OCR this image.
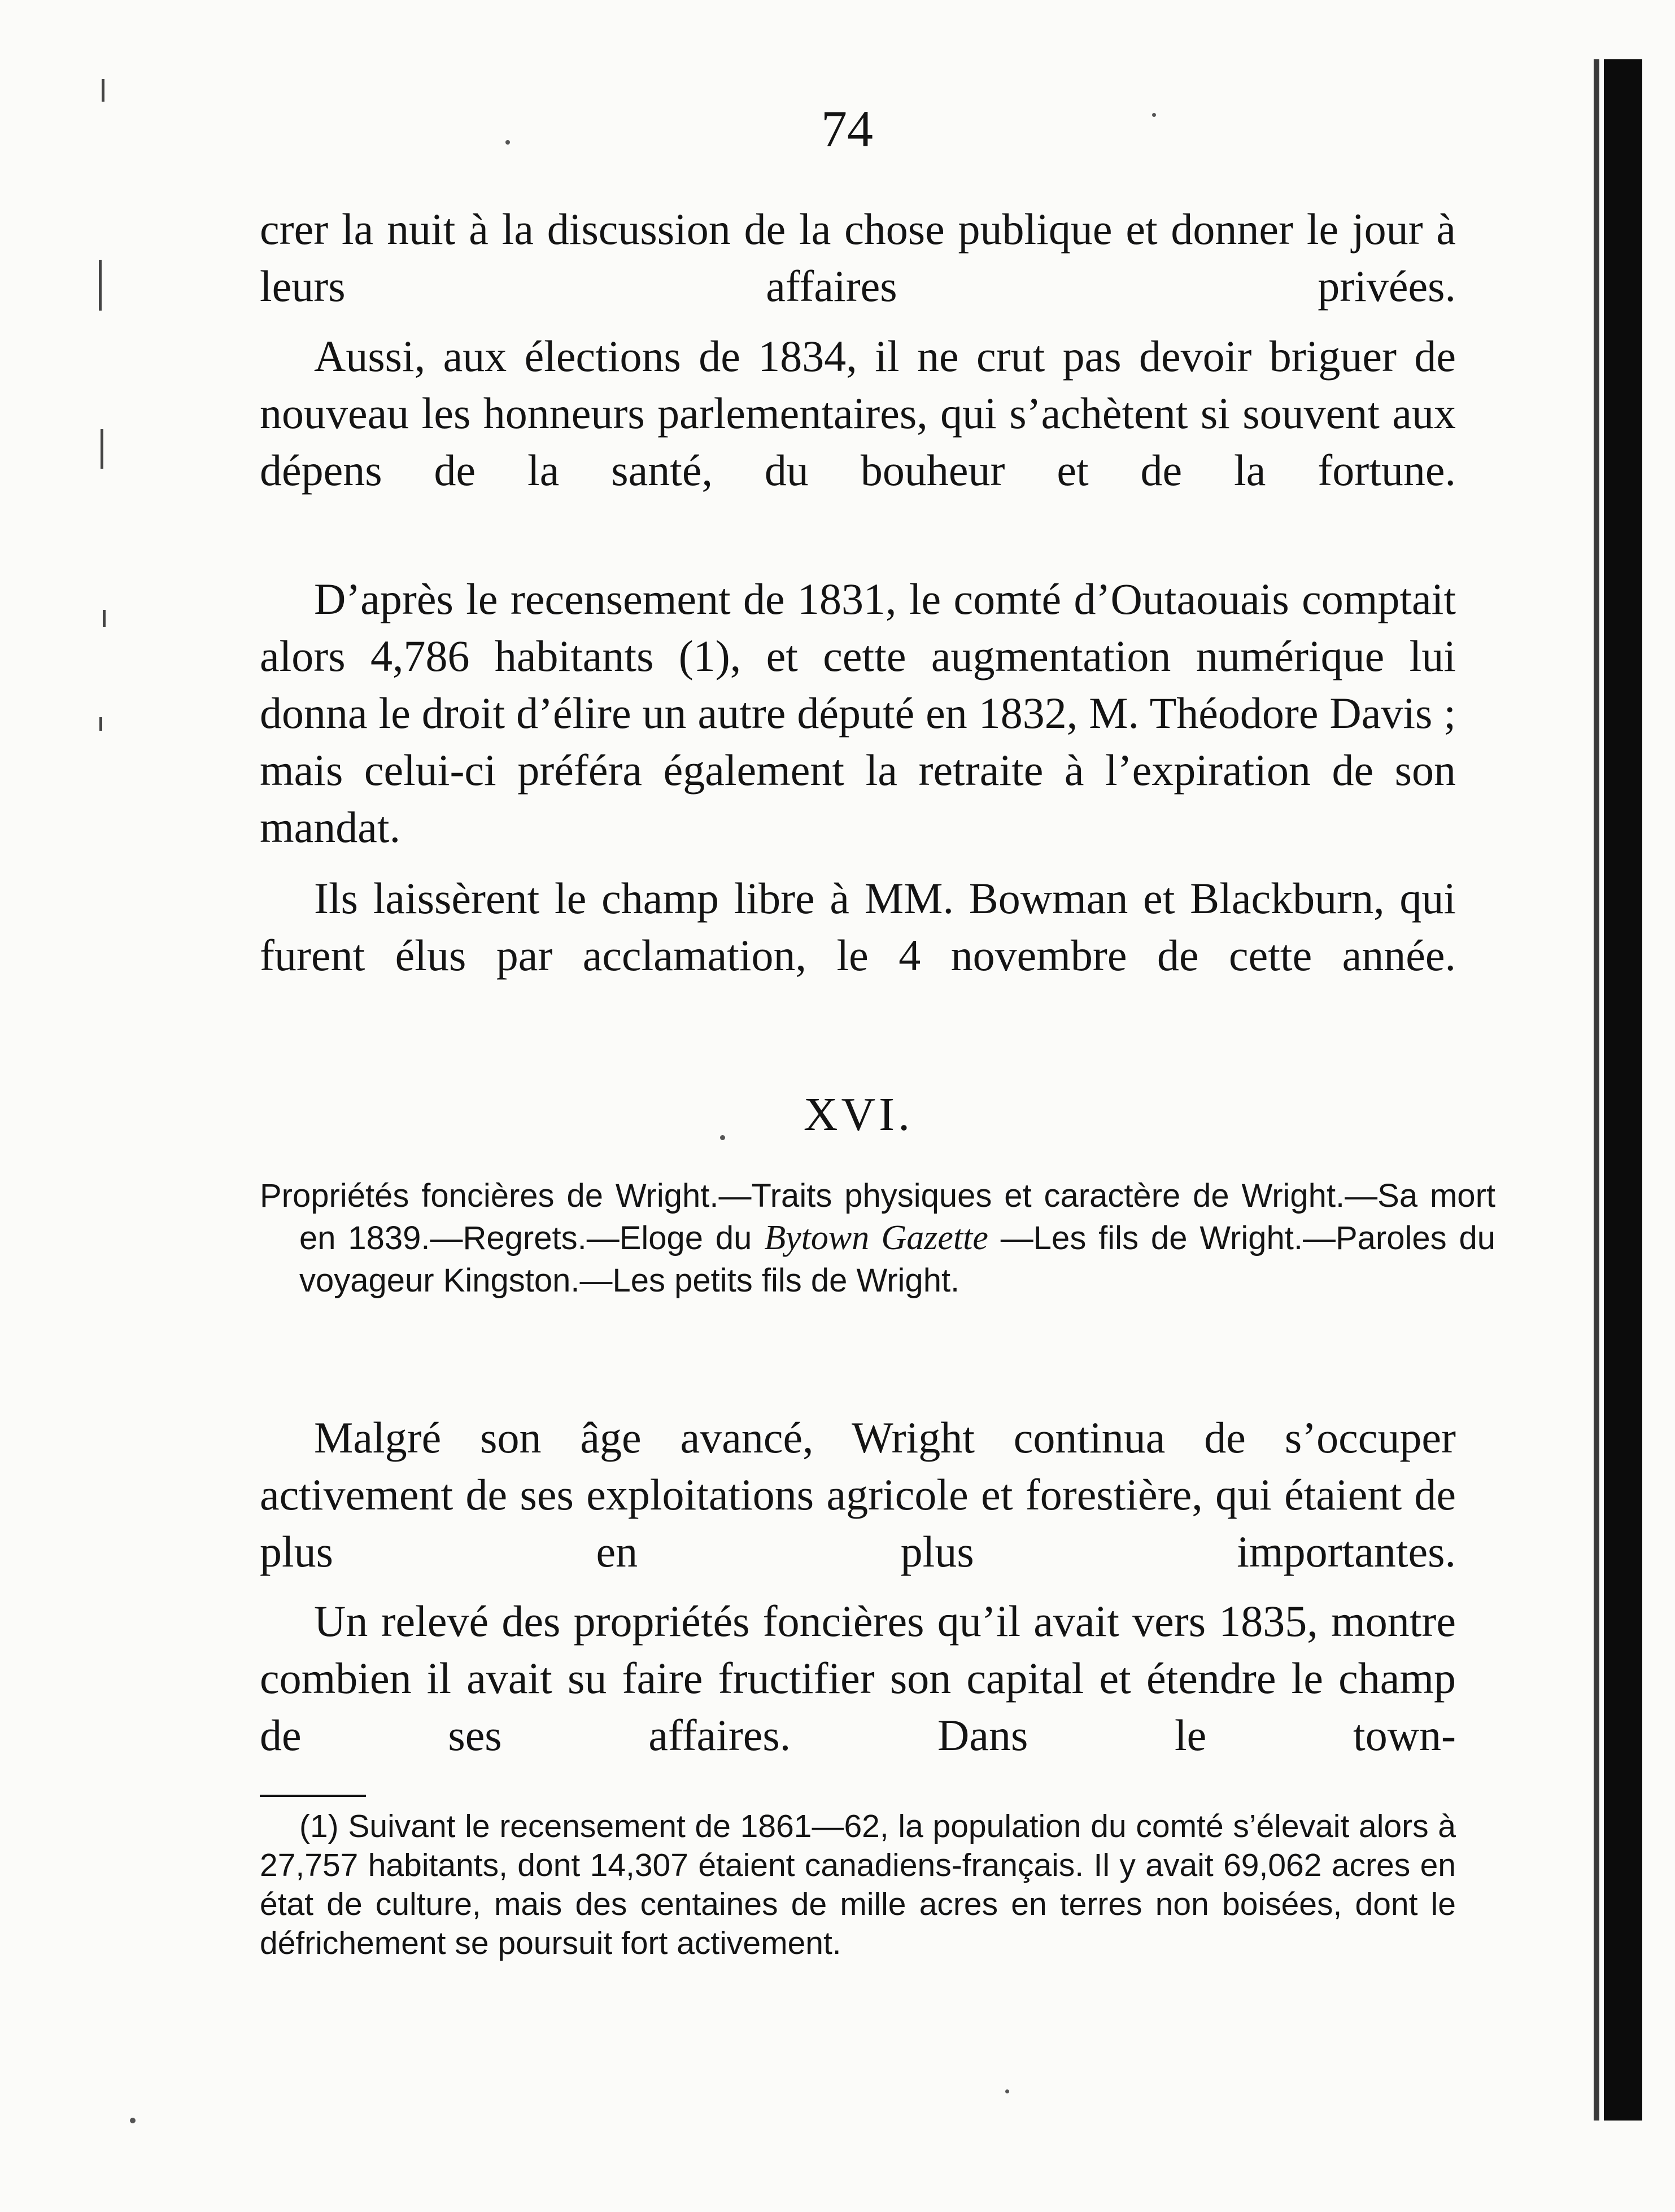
74

crer la nuit à la discussion de la chose publique et donner le jour à leurs affaires privées.

Aussi, aux élections de 1834, il ne crut pas devoir briguer de nouveau les honneurs parlementaires, qui s’achètent si souvent aux dépens de la santé, du bouheur et de la fortune.

D’après le recensement de 1831, le comté d’Outaouais comptait alors 4,786 habitants (1), et cette augmentation numérique lui donna le droit d’élire un autre député en 1832, M. Théodore Davis ; mais celui-ci préféra également la retraite à l’expiration de son mandat.

Ils laissèrent le champ libre à MM. Bowman et Blackburn, qui furent élus par acclamation, le 4 novembre de cette année.

XVI.

Propriétés foncières de Wright.—Traits physiques et caractère de Wright.—Sa mort en 1839.—Regrets.—Eloge du Bytown Gazette —Les fils de Wright.—Paroles du voyageur Kingston.—Les petits fils de Wright.

Malgré son âge avancé, Wright continua de s’occuper activement de ses exploitations agricole et forestière, qui étaient de plus en plus importantes.

Un relevé des propriétés foncières qu’il avait vers 1835, montre combien il avait su faire fructifier son capital et étendre le champ de ses affaires. Dans le town-

(1) Suivant le recensement de 1861—62, la population du comté s’élevait alors à 27,757 habitants, dont 14,307 étaient canadiens-français. Il y avait 69,062 acres en état de culture, mais des centaines de mille acres en terres non boisées, dont le défrichement se poursuit fort activement.
